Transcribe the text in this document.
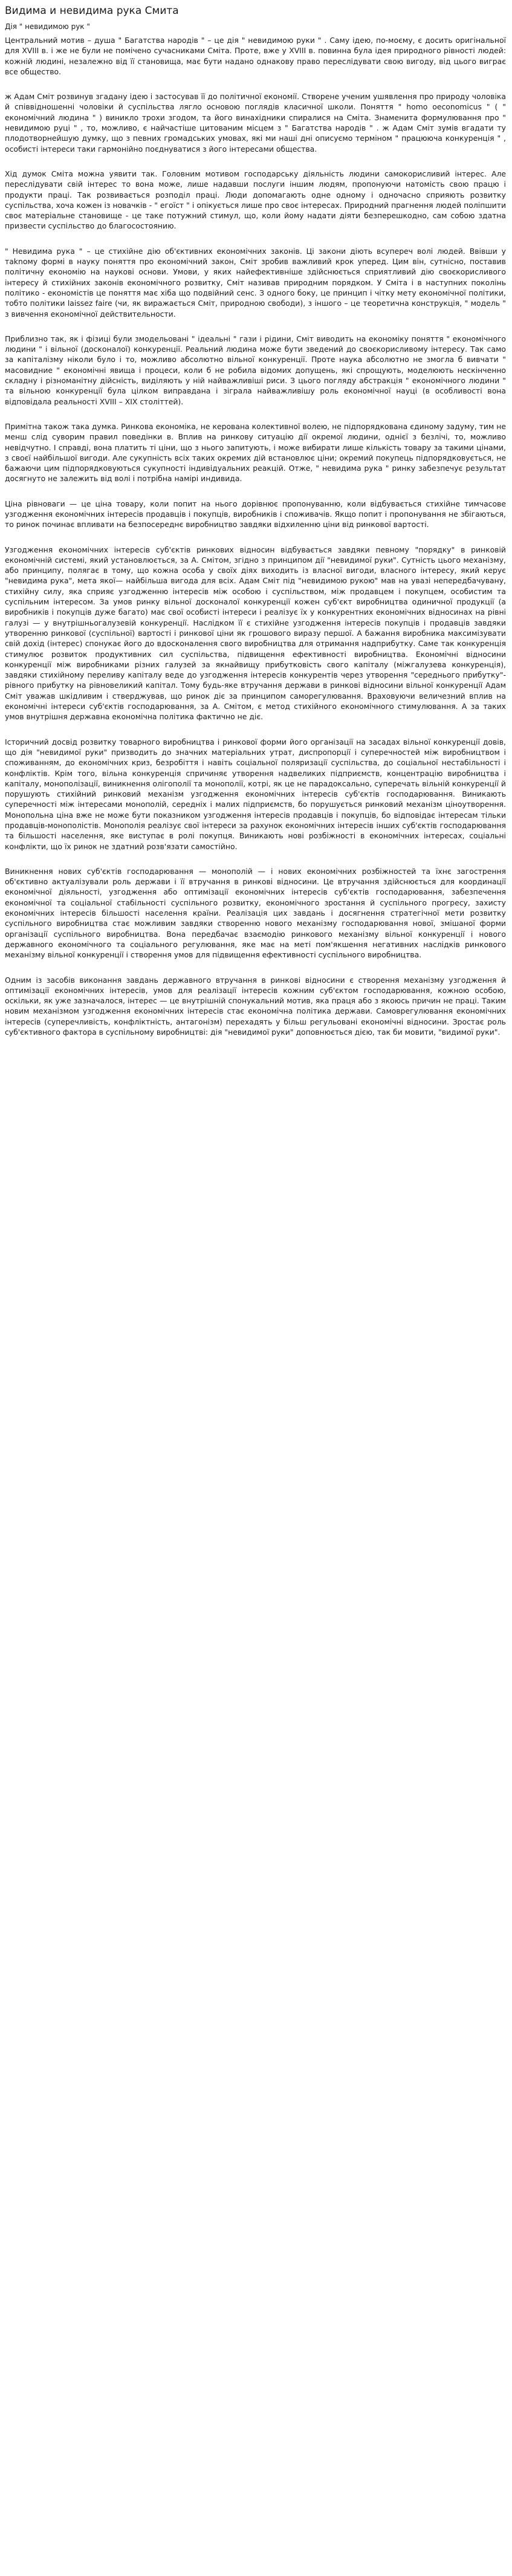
Видима и невидима рука Смита

Дія " невидимою рук "

Центральний мотив – душа " Багатства народів " – це дія " невидимою руки " . Саму ідею, по-моєму, є досить оригінальної для XVIII в. і же не були не помічено сучасниками Сміта. Проте, вже у XVIII в. повинна була ідея природного рівності людей: кожній людині, незалежно від її становища, має бути надано однакову право переслідувати свою вигоду, від цього виграє все общество.

ж Адам Сміт розвинув згадану ідею і застосував її до політичної економії. Створене ученим ушявлення про природу чоловіка й співвідношенні чоловіки й суспільства лягло основою поглядів класичної школи. Поняття " homo oeconomicus " ( " економічний людина " ) виникло трохи згодом, та його винахідники спиралися на Сміта. Знаменита формулювання про " невидимою руці " , то, можливо, є найчастіше цитованим місцем з " Багатства народів " . ж Адам Сміт зумів вгадати ту плодотворнейшую думку, що з певних громадських умовах, які ми наші дні описуємо терміном " працююча конкуренція " , особисті інтереси таки гармонійно поєднуватися з його інтересами общества.

Хід думок Сміта можна уявити так. Головним мотивом господарську діяльність людини самокорисливий інтерес. Але переслідувати свій інтерес то вона може, лише надавши послуги іншим людям, пропонуючи натомість свою працю і продукти праці. Так розвивається розподіл праці. Люди допомагають одне одному і одночасно сприяють розвитку суспільства, хоча кожен із новачків - " егоїст " і опікується лише про своє інтересах. Природний прагнення людей поліпшити своє матеріальне становище - це таке потужний стимул, що, коли йому надати діяти безперешкодно, сам собою здатна призвести суспільство до благосостоянию.

" Невидима рука " – це стихійне дію об'єктивних економічних законів. Ці закони діють всупереч волі людей. Ввівши у таknому формі в науку поняття про економічний закон, Сміт зробив важливий крок уперед. Цим він, сутнісно, поставив політичну економію на наукові основи. Умови, у яких найефективніше здійснюється сприятливий дію своєкорисливого інтересу й стихійних законів економічного розвитку, Сміт називав природним порядком. У Сміта і в наступних поколінь політико - економістів це поняття має хіба що подвійний сенс. З одного боку, це принцип і чітку мету економічної політики, тобто політики laissez faire (чи, як виражається Сміт, природною свободи), з іншого – це теоретична конструкція, " модель " з вивчення економічної действительности.

Приблизно так, як і фізиці були змодельовані " ідеальні " гази і рідини, Сміт виводить на економіку поняття " економічного людини " і вільної (досконалої) конкуренції. Реальний людина може бути зведений до своєкорисливому інтересу. Так само за капіталізму ніколи було і то, можливо абсолютно вільної конкуренції. Проте наука абсолютно не змогла б вивчати " масовидние " економічні явища і процеси, коли б не робила відомих допущень, які спрощують, моделюють нескінченно складну і різноманітну дійсність, виділяють у ній найважливіші риси. З цього погляду абстракція " економічного людини " та вільною конкуренції була цілком виправдана і зіграла найважливішу роль економічної науці (в особливості вона відповідала реальності XVIII – XIX століттей).

Примітна також така думка. Ринкова економіка, не керована колективної волею, не підпорядкована єдиному задуму, тим не менш слід суворим правил поведінки в. Вплив на ринкову ситуацію дії окремої людини, однієї з безлічі, то, можливо невідчутно. І справді, вона платить ті ціни, що з нього запитують, і може вибирати лише кількість товару за такими цінами, з своєї найбільшої вигоди. Але сукупність всіх таких окремих дій встановлює ціни; окремий покупець підпорядковується, не бажаючи цим підпорядковуються сукупності індивідуальних реакцій. Отже, " невидима рука " ринку забезпечує результат досягнуто не залежить від волі і потрібна намірі индивида.

Ціна рівноваги — це ціна товару, коли попит на нього дорівнює пропонуванню, коли відбувається стихійне тимчасове узгодження економічних інтересів продавців і покупців, виробників і споживачів. Якщо попит і пропонування не збігаються, то ринок починає впливати на безпосереднє виробництво завдяки відхиленню ціни від ринкової вартості.

Узгодження економічних інтересів суб'єктів ринкових відносин відбувається завдяки певному "порядку" в ринковій економічній системі, який установлюється, за А. Смітом, згідно з принципом дії "невидимої руки". Сутність цього механізму, або принципу, полягає в тому, що кожна особа у своїх діях виходить із власної вигоди, власного інтересу, який керує "невидима рука", мета якої— найбільша вигода для всіх. Адам Сміт під "невидимою рукою" мав на увазі непередбачувану, стихійну силу, яка сприяє узгодженню інтересів між особою і суспільством, між продавцем і покупцем, особистим та суспільним інтересом. За умов ринку вільної досконалої конкуренції кожен суб'єкт виробництва одиничної продукції (а виробників і покупців дуже багато) має свої особисті інтереси і реалізує їх у конкурентних економічних відносинах на рівні галузі — у внутрішньогалузевій конкуренції. Наслідком її є стихійне узгодження інтересів покупців і продавців завдяки утворенню ринкової (суспільної) вартості і ринкової ціни як грошового виразу першої. А бажання виробника максимізувати свій дохід (інтерес) спонукає його до вдосконалення свого виробництва для отримання надприбутку. Саме так конкуренція стимулює розвиток продуктивних сил суспільства, підвищення ефективності виробництва. Економічні відносини конкуренції між виробниками різних галузей за якнайвищу прибутковість свого капіталу (міжгалузева конкуренція), завдяки стихійному переливу капіталу веде до узгодження інтересів конкурентів через утворення "середнього прибутку"- рівного прибутку на рівновеликий капітал. Тому будь-яке втручання держави в ринкові відносини вільної конкуренції Адам Сміт уважав шкідливим і стверджував, що ринок діє за принципом саморегулювання. Враховуючи величезний вплив на економічні інтереси суб'єктів господарювання, за А. Смітом, є метод стихійного економічного стимулювання. А за таких умов внутрішня державна економічна політика фактично не діє.

Історичний досвід розвитку товарного виробництва і ринкової форми його організації на засадах вільної конкуренції довів, що дія "невидимої руки" призводить до значних матеріальних утрат, диспропорції і суперечностей між виробництвом і споживанням, до економічних криз, безробіття і навіть соціальної поляризації суспільства, до соціальної нестабільності і конфліктів. Крім того, вільна конкуренція спричиняє утворення надвеликих підприємств, концентрацію виробництва і капіталу, монополізації, виникнення олігополії та монополії, котрі, як це не парадоксально, суперечать вільній конкуренції й порушують стихійний ринковий механізм узгодження економічних інтересів суб'єктів господарювання. Виникають суперечності між інтересами монополій, середніх і малих підприємств, бо порушується ринковий механізм ціноутворення. Монопольна ціна вже не може бути показником узгодження інтересів продавців і покупців, бо відповідає інтересам тільки продавців-монополістів. Монополія реалізує свої інтереси за рахунок економічних інтересів інших суб'єктів господарювання та більшості населення, яке виступає в ролі покупця. Виникають нові розбіжності в економічних інтересах, соціальні конфлікти, що їх ринок не здатний розв'язати самостійно.

Виникнення нових суб'єктів господарювання — монополій — і нових економічних розбіжностей та їхнє загострення об'єктивно актуалізували роль держави і її втручання в ринкові відносини. Це втручання здійснюється для координації економічної діяльності, узгодження або оптимізації економічних інтересів суб'єктів господарювання, забезпечення економічної та соціальної стабільності суспільного розвитку, економічного зростання й суспільного прогресу, захисту економічних інтересів більшості населення країни. Реалізація цих завдань і досягнення стратегічної мети розвитку суспільного виробництва стає можливим завдяки створенню нового механізму господарювання нової, змішаної форми організації суспільного виробництва. Вона передбачає взаємодію ринкового механізму вільної конкуренції і нового державного економічного та соціального регулювання, яке має на меті пом'якшення негативних наслідків ринкового механізму вільної конкуренції і створення умов для підвищення ефективності суспільного виробництва.

Одним із засобів виконання завдань державного втручання в ринкові відносини є створення механізму узгодження й оптимізації економічних інтересів, умов для реалізації інтересів кожним суб'єктом господарювання, кожною особою, оскільки, як уже зазначалося, інтерес — це внутрішній спонукальний мотив, яка праця або з якоюсь причин не праці. Таким новим механізмом узгодження економічних інтересів стає економічна політика держави. Самоврегулювання економічних інтересів (суперечливість, конфліктність, антагонізм) перехадять у більш регульовані економічні відносини. Зростає роль суб'єктивного фактора в суспільному виробництві: дія "невидимої руки" доповнюється дією, так би мовити, "видимої руки".
